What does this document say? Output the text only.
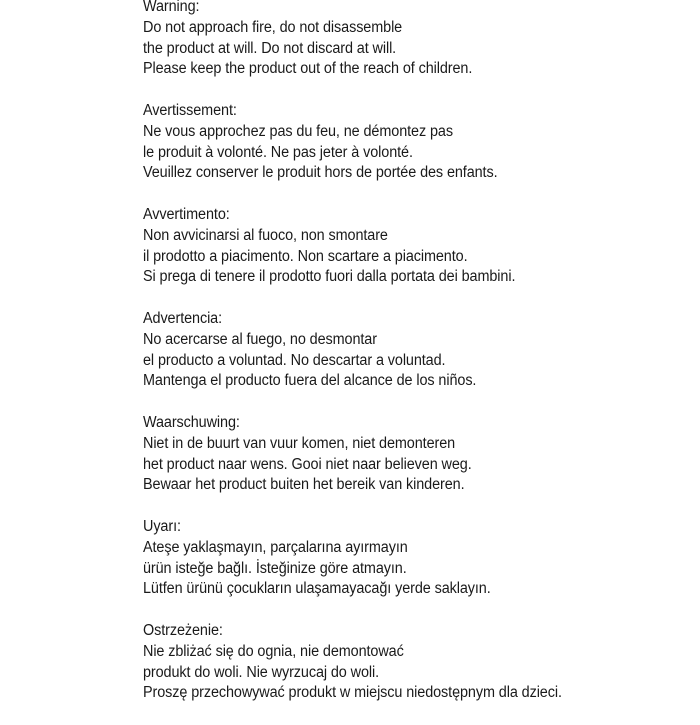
Warning:
Do not approach fire, do not disassemble
the product at will. Do not discard at will.
Please keep the product out of the reach of children.
Avertissement:
Ne vous approchez pas du feu, ne démontez pas
le produit à volonté. Ne pas jeter à volonté.
Veuillez conserver le produit hors de portée des enfants.
Avvertimento:
Non avvicinarsi al fuoco, non smontare
il prodotto a piacimento. Non scartare a piacimento.
Si prega di tenere il prodotto fuori dalla portata dei bambini.
Advertencia:
No acercarse al fuego, no desmontar
el producto a voluntad. No descartar a voluntad.
Mantenga el producto fuera del alcance de los niños.
Waarschuwing:
Niet in de buurt van vuur komen, niet demonteren
het product naar wens. Gooi niet naar believen weg.
Bewaar het product buiten het bereik van kinderen.
Uyarı:
Ateşe yaklaşmayın, parçalarına ayırmayın
ürün isteğe bağlı. İsteğinize göre atmayın.
Lütfen ürünü çocukların ulaşamayacağı yerde saklayın.
Ostrzeżenie:
Nie zbliżać się do ognia, nie demontować
produkt do woli. Nie wyrzucaj do woli.
Proszę przechowywać produkt w miejscu niedostępnym dla dzieci.
